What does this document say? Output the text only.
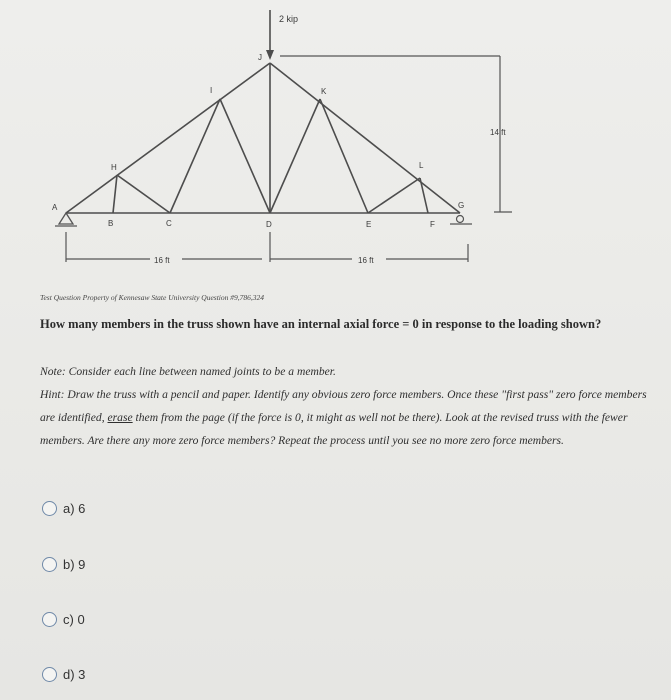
2 kip
14 ft
16 ft	16 ft
A
B	C	D	E	F
G
H
I
J
K
L
Test Question Property of Kennesaw State University Question #9,786,324
How many members in the truss shown have an internal axial force = 0 in response to the loading shown?
Note: Consider each line between named joints to be a member.
Hint: Draw the truss with a pencil and paper. Identify any obvious zero force members. Once these "first pass" zero force members are identified, erase them from the page (if the force is 0, it might as well not be there). Look at the revised truss with the fewer members. Are there any more zero force members? Repeat the process until you see no more zero force members.
a) 6
b) 9
c) 0
d) 3
